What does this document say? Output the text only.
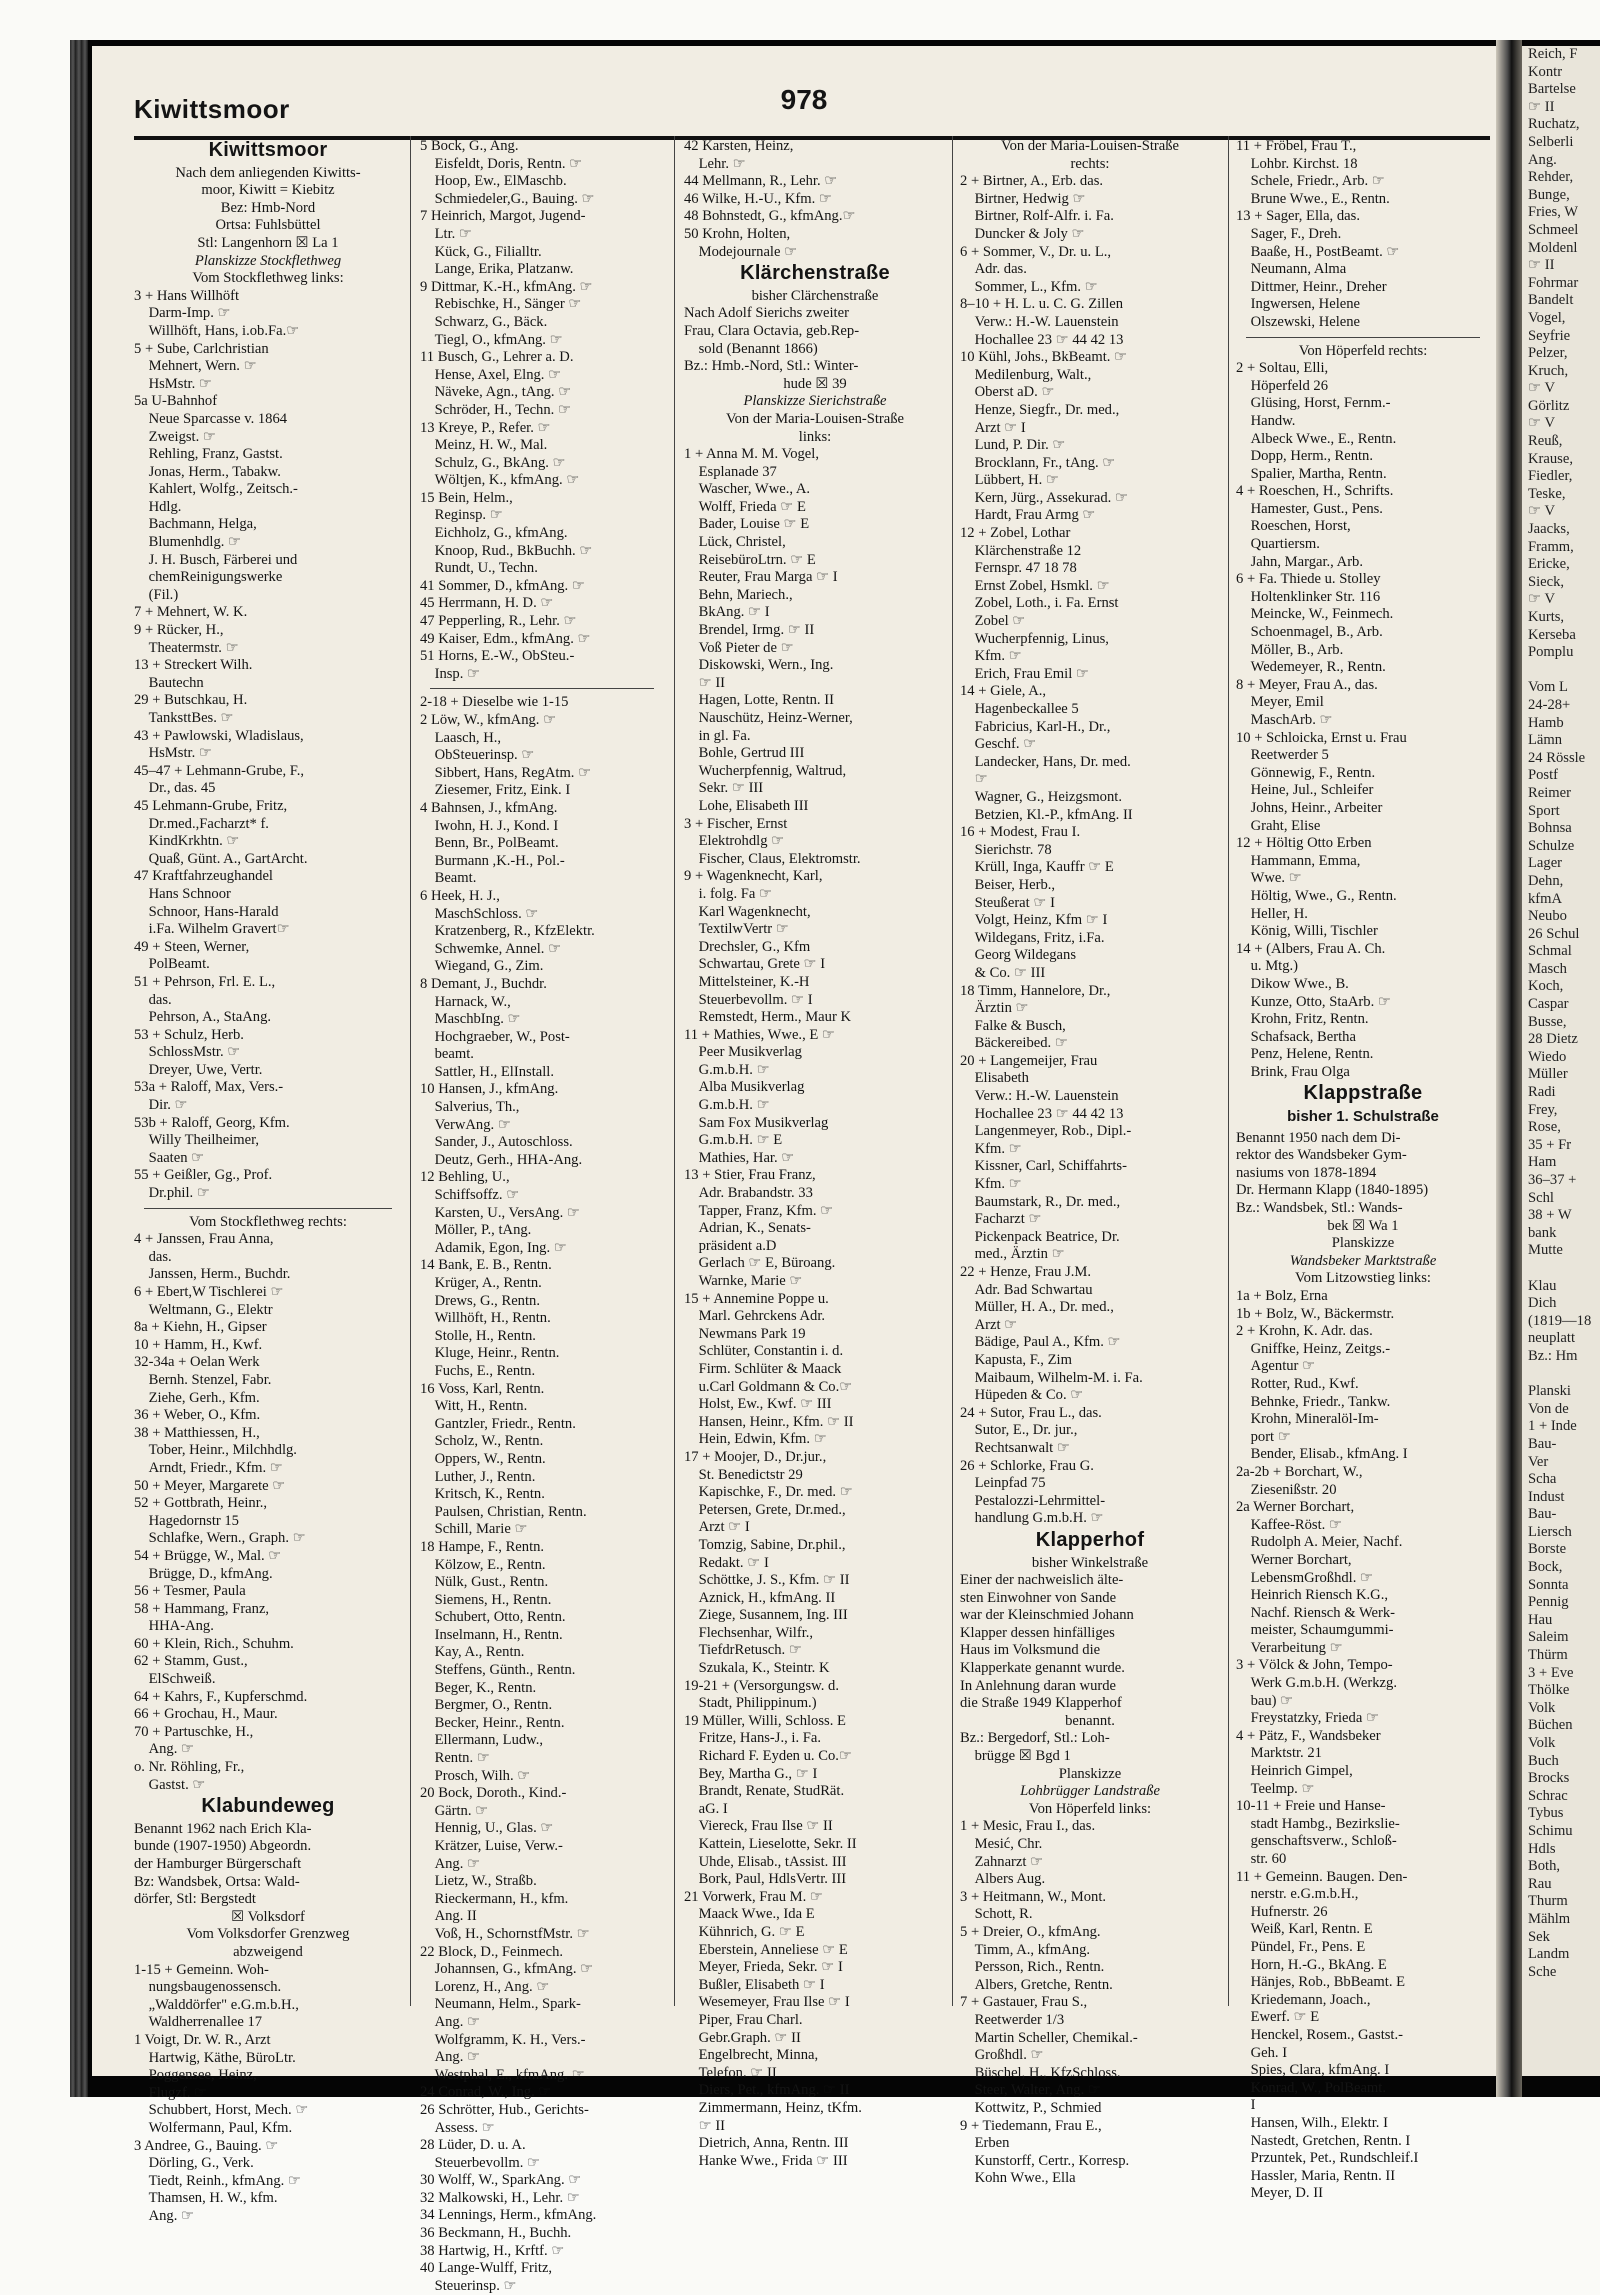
Reich, F
Kontr
Bartelse
☞ II
Ruchatz,
Selberli
Ang.
Rehder,
Bunge,
Fries, W
Schmeel
Moldenl
☞ II
Fohrmar
Bandelt
Vogel,
Seyfrie
Pelzer,
Kruch,
☞ V
Görlitz
☞ V
Reuß,
Krause,
Fiedler,
Teske,
☞ V
Jaacks,
Framm,
Ericke,
Sieck,
☞ V
Kurts,
Kerseba
Pomplu

Vom L
24-28+
Hamb
Lämn
24 Rössle
Postf
Reimer
Sport
Bohnsa
Schulze
Lager
Dehn,
kfmA
Neubo
26 Schul
Schmal
Masch
Koch,
Caspar
Busse,
28 Dietz
Wiedo
Müller
Radi
Frey,
Rose,
35 + Fr
Ham
36–37 +
Schl
38 + W
bank
Mutte

Klau
Dich
(1819—18
neuplatt
Bz.: Hm

Planski
Von de
1 + Inde
Bau-
Ver
Scha
Indust
Bau-
Liersch
Borste
Bock,
Sonnta
Pennig
Hau
Saleim
Thürm
3 + Eve
Thölke
Volk
Büchen
Volk
Buch
Brocks
Schrac
Tybus
Schimu
Hdls
Both,
Rau
Thurm
Mählm
Sek
Landm
Sche
Kiwittsmoor	978
Kiwittsmoor
Nach dem anliegenden Kiwitts-
moor, Kiwitt = Kiebitz
Bez: Hmb-Nord
Ortsa: Fuhlsbüttel
Stl: Langenhorn ☒ La 1
Planskizze Stockflethweg
Vom Stockflethweg links:
3 + Hans Willhöft
Darm-Imp. ☞
Willhöft, Hans, i.ob.Fa.☞
5 + Sube, Carlchristian
Mehnert, Wern. ☞
HsMstr. ☞
5a U-Bahnhof
Neue Sparcasse v. 1864
Zweigst. ☞
Rehling, Franz, Gastst.
Jonas, Herm., Tabakw.
Kahlert, Wolfg., Zeitsch.-
Hdlg.
Bachmann, Helga,
Blumenhdlg. ☞
J. H. Busch, Färberei und
chemReinigungswerke
(Fil.)
7 + Mehnert, W. K.
9 + Rücker, H.,
Theatermstr. ☞
13 + Streckert Wilh.
Bautechn
29 + Butschkau, H.
TanksttBes. ☞
43 + Pawlowski, Wladislaus,
HsMstr. ☞
45–47 + Lehmann-Grube, F.,
Dr., das. 45
45 Lehmann-Grube, Fritz,
Dr.med.,Facharzt* f.
KindKrkhtn. ☞
Quaß, Günt. A., GartArcht.
47 Kraftfahrzeughandel
Hans Schnoor
Schnoor, Hans-Harald
i.Fa. Wilhelm Gravert☞
49 + Steen, Werner,
PolBeamt.
51 + Pehrson, Frl. E. L.,
das.
Pehrson, A., StaAng.
53 + Schulz, Herb.
SchlossMstr. ☞
Dreyer, Uwe, Vertr.
53a + Raloff, Max, Vers.-
Dir. ☞
53b + Raloff, Georg, Kfm.
Willy Theilheimer,
Saaten ☞
55 + Geißler, Gg., Prof.
Dr.phil. ☞
Vom Stockflethweg rechts:
4 + Janssen, Frau Anna,
das.
Janssen, Herm., Buchdr.
6 + Ebert,W Tischlerei ☞
Weltmann, G., Elektr
8a + Kiehn, H., Gipser
10 + Hamm, H., Kwf.
32-34a + Oelan Werk
Bernh. Stenzel, Fabr.
Ziehe, Gerh., Kfm.
36 + Weber, O., Kfm.
38 + Matthiessen, H.,
Tober, Heinr., Milchhdlg.
Arndt, Friedr., Kfm. ☞
50 + Meyer, Margarete ☞
52 + Gottbrath, Heinr.,
Hagedornstr 15
Schlafke, Wern., Graph. ☞
54 + Brügge, W., Mal. ☞
Brügge, D., kfmAng.
56 + Tesmer, Paula
58 + Hammang, Franz,
HHA-Ang.
60 + Klein, Rich., Schuhm.
62 + Stamm, Gust.,
ElSchweiß.
64 + Kahrs, F., Kupferschmd.
66 + Grochau, H., Maur.
70 + Partuschke, H.,
Ang. ☞
o. Nr. Röhling, Fr.,
Gastst. ☞
Klabundeweg
Benannt 1962 nach Erich Kla-
bunde (1907-1950) Abgeordn.
der Hamburger Bürgerschaft
Bz: Wandsbek, Ortsa: Wald-
dörfer, Stl: Bergstedt
☒ Volksdorf
Vom Volksdorfer Grenzweg
abzweigend
1-15 + Gemeinn. Woh-
nungsbaugenossensch.
„Walddörfer" e.G.m.b.H.,
Waldherrenallee 17
1 Voigt, Dr. W. R., Arzt
Hartwig, Käthe, BüroLtr.
Poggensee, Heinz,
Flugzf. ☞
Schubbert, Horst, Mech. ☞
Wolfermann, Paul, Kfm.
3 Andree, G., Bauing. ☞
Dörling, G., Verk.
Tiedt, Reinh., kfmAng. ☞
Thamsen, H. W., kfm.
Ang. ☞
5 Bock, G., Ang.
Eisfeldt, Doris, Rentn. ☞
Hoop, Ew., ElMaschb.
Schmiedeler,G., Bauing. ☞
7 Heinrich, Margot, Jugend-
Ltr. ☞
Kück, G., Filialltr.
Lange, Erika, Platzanw.
9 Dittmar, K.-H., kfmAng. ☞
Rebischke, H., Sänger ☞
Schwarz, G., Bäck.
Tiegl, O., kfmAng. ☞
11 Busch, G., Lehrer a. D.
Hense, Axel, Elng. ☞
Näveke, Agn., tAng. ☞
Schröder, H., Techn. ☞
13 Kreye, P., Refer. ☞
Meinz, H. W., Mal.
Schulz, G., BkAng. ☞
Wöltjen, K., kfmAng. ☞
15 Bein, Helm.,
Reginsp. ☞
Eichholz, G., kfmAng.
Knoop, Rud., BkBuchh. ☞
Rundt, U., Techn.
41 Sommer, D., kfmAng. ☞
45 Herrmann, H. D. ☞
47 Pepperling, R., Lehr. ☞
49 Kaiser, Edm., kfmAng. ☞
51 Horns, E.-W., ObSteu.-
Insp. ☞
2-18 + Dieselbe wie 1-15
2 Löw, W., kfmAng. ☞
Laasch, H.,
ObSteuerinsp. ☞
Sibbert, Hans, RegAtm. ☞
Ziesemer, Fritz, Eink. I
4 Bahnsen, J., kfmAng.
Iwohn, H. J., Kond. I
Benn, Br., PolBeamt.
Burmann ,K.-H., Pol.-
Beamt.
6 Heek, H. J.,
MaschSchloss. ☞
Kratzenberg, R., KfzElektr.
Schwemke, Annel. ☞
Wiegand, G., Zim.
8 Demant, J., Buchdr.
Harnack, W.,
MaschbIng. ☞
Hochgraeber, W., Post-
beamt.
Sattler, H., ElInstall.
10 Hansen, J., kfmAng.
Salverius, Th.,
VerwAng. ☞
Sander, J., Autoschloss.
Deutz, Gerh., HHA-Ang.
12 Behling, U.,
Schiffsoffz. ☞
Karsten, U., VersAng. ☞
Möller, P., tAng.
Adamik, Egon, Ing. ☞
14 Bank, E. B., Rentn.
Krüger, A., Rentn.
Drews, G., Rentn.
Willhöft, H., Rentn.
Stolle, H., Rentn.
Kluge, Heinr., Rentn.
Fuchs, E., Rentn.
16 Voss, Karl, Rentn.
Witt, H., Rentn.
Gantzler, Friedr., Rentn.
Scholz, W., Rentn.
Oppers, W., Rentn.
Luther, J., Rentn.
Kritsch, K., Rentn.
Paulsen, Christian, Rentn.
Schill, Marie ☞
18 Hampe, F., Rentn.
Kölzow, E., Rentn.
Nülk, Gust., Rentn.
Siemens, H., Rentn.
Schubert, Otto, Rentn.
Inselmann, H., Rentn.
Kay, A., Rentn.
Steffens, Günth., Rentn.
Beger, K., Rentn.
Bergmer, O., Rentn.
Becker, Heinr., Rentn.
Ellermann, Ludw.,
Rentn. ☞
Prosch, Wilh. ☞
20 Bock, Doroth., Kind.-
Gärtn. ☞
Hennig, U., Glas. ☞
Krätzer, Luise, Verw.-
Ang. ☞
Lietz, W., Straßb.
Rieckermann, H., kfm.
Ang. II
Voß, H., SchornstfMstr. ☞
22 Block, D., Feinmech.
Johannsen, G., kfmAng. ☞
Lorenz, H., Ang. ☞
Neumann, Helm., Spark-
Ang. ☞
Wolfgramm, K. H., Vers.-
Ang. ☞
Westphal, E., kfmAng. ☞
24 Conrad, W., Ing. ☞
26 Schrötter, Hub., Gerichts-
Assess. ☞
28 Lüder, D. u. A.
Steuerbevollm. ☞
30 Wolff, W., SparkAng. ☞
32 Malkowski, H., Lehr. ☞
34 Lennings, Herm., kfmAng.
36 Beckmann, H., Buchh.
38 Hartwig, H., Krftf. ☞
40 Lange-Wulff, Fritz,
Steuerinsp. ☞
42 Karsten, Heinz,
Lehr. ☞
44 Mellmann, R., Lehr. ☞
46 Wilke, H.-U., Kfm. ☞
48 Bohnstedt, G., kfmAng.☞
50 Krohn, Holten,
Modejournale ☞
Klärchenstraße
bisher Clärchenstraße
Nach Adolf Sierichs zweiter
Frau, Clara Octavia, geb.Rep-
sold (Benannt 1866)
Bz.: Hmb.-Nord, Stl.: Winter-
hude ☒ 39
Planskizze Sierichstraße
Von der Maria-Louisen-Straße
links:
1 + Anna M. M. Vogel,
Esplanade 37
Wascher, Wwe., A.
Wolff, Frieda ☞ E
Bader, Louise ☞ E
Lück, Christel,
ReisebüroLtrn. ☞ E
Reuter, Frau Marga ☞ I
Behn, Mariech.,
BkAng. ☞ I
Brendel, Irmg. ☞ II
Voß Pieter de ☞
Diskowski, Wern., Ing.
☞ II
Hagen, Lotte, Rentn. II
Nauschütz, Heinz-Werner,
in gl. Fa.
Bohle, Gertrud III
Wucherpfennig, Waltrud,
Sekr. ☞ III
Lohe, Elisabeth III
3 + Fischer, Ernst
Elektrohdlg ☞
Fischer, Claus, Elektromstr.
9 + Wagenknecht, Karl,
i. folg. Fa ☞
Karl Wagenknecht,
TextilwVertr ☞
Drechsler, G., Kfm
Schwartau, Grete ☞ I
Mittelsteiner, K.-H
Steuerbevollm. ☞ I
Remstedt, Herm., Maur K
11 + Mathies, Wwe., E ☞
Peer Musikverlag
G.m.b.H. ☞
Alba Musikverlag
G.m.b.H. ☞
Sam Fox Musikverlag
G.m.b.H. ☞ E
Mathies, Har. ☞
13 + Stier, Frau Franz,
Adr. Brabandstr. 33
Tapper, Franz, Kfm. ☞
Adrian, K., Senats-
präsident a.D
Gerlach ☞ E, Büroang.
Warnke, Marie ☞
15 + Annemine Poppe u.
Marl. Gehrckens Adr.
Newmans Park 19
Schlüter, Constantin i. d.
Firm. Schlüter & Maack
u.Carl Goldmann & Co.☞
Holst, Ew., Kwf. ☞ III
Hansen, Heinr., Kfm. ☞ II
Hein, Edwin, Kfm. ☞
17 + Moojer, D., Dr.jur.,
St. Benedictstr 29
Kapischke, F., Dr. med. ☞
Petersen, Grete, Dr.med.,
Arzt ☞ I
Tomzig, Sabine, Dr.phil.,
Redakt. ☞ I
Schöttke, J. S., Kfm. ☞ II
Aznick, H., kfmAng. II
Ziege, Susannem, Ing. III
Flechsenhar, Wilfr.,
TiefdrRetusch. ☞
Szukala, K., Steintr. K
19-21 + (Versorgungsw. d.
Stadt, Philippinum.)
19 Müller, Willi, Schloss. E
Fritze, Hans-J., i. Fa.
Richard F. Eyden u. Co.☞
Bey, Martha G., ☞ I
Brandt, Renate, StudRät.
aG. I
Viereck, Frau Ilse ☞ II
Kattein, Lieselotte, Sekr. II
Uhde, Elisab., tAssist. III
Bork, Paul, HdlsVertr. III
21 Vorwerk, Frau M. ☞
Maack Wwe., Ida E
Kühnrich, G. ☞ E
Eberstein, Anneliese ☞ E
Meyer, Frieda, Sekr. ☞ I
Bußler, Elisabeth ☞ I
Wesemeyer, Frau Ilse ☞ I
Piper, Frau Charl.
Gebr.Graph. ☞ II
Engelbrecht, Minna,
Telefon. ☞ II
Diers, Pet., kfmAng. ☞ II
Zimmermann, Heinz, tKfm.
☞ II
Dietrich, Anna, Rentn. III
Hanke Wwe., Frida ☞ III
Von der Maria-Louisen-Straße
rechts:
2 + Birtner, A., Erb. das.
Birtner, Hedwig ☞
Birtner, Rolf-Alfr. i. Fa.
Duncker & Joly ☞
6 + Sommer, V., Dr. u. L.,
Adr. das.
Sommer, L., Kfm. ☞
8–10 + H. L. u. C. G. Zillen
Verw.: H.-W. Lauenstein
Hochallee 23 ☞ 44 42 13
10 Kühl, Johs., BkBeamt. ☞
Medilenburg, Walt.,
Oberst aD. ☞
Henze, Siegfr., Dr. med.,
Arzt ☞ I
Lund, P. Dir. ☞
Brocklann, Fr., tAng. ☞
Lübbert, H. ☞
Kern, Jürg., Assekurad. ☞
Hardt, Frau Armg ☞
12 + Zobel, Lothar
Klärchenstraße 12
Fernspr. 47 18 78
Ernst Zobel, Hsmkl. ☞
Zobel, Loth., i. Fa. Ernst
Zobel ☞
Wucherpfennig, Linus,
Kfm. ☞
Erich, Frau Emil ☞
14 + Giele, A.,
Hagenbeckallee 5
Fabricius, Karl-H., Dr.,
Geschf. ☞
Landecker, Hans, Dr. med.
☞
Wagner, G., Heizgsmont.
Betzien, Kl.-P., kfmAng. II
16 + Modest, Frau I.
Sierichstr. 78
Krüll, Inga, Kauffr ☞ E
Beiser, Herb.,
Steußerat ☞ I
Volgt, Heinz, Kfm ☞ I
Wildegans, Fritz, i.Fa.
Georg Wildegans
& Co. ☞ III
18 Timm, Hannelore, Dr.,
Ärztin ☞
Falke & Busch,
Bäckereibed. ☞
20 + Langemeijer, Frau
Elisabeth
Verw.: H.-W. Lauenstein
Hochallee 23 ☞ 44 42 13
Langenmeyer, Rob., Dipl.-
Kfm. ☞
Kissner, Carl, Schiffahrts-
Kfm. ☞
Baumstark, R., Dr. med.,
Facharzt ☞
Pickenpack Beatrice, Dr.
med., Ärztin ☞
22 + Henze, Frau J.M.
Adr. Bad Schwartau
Müller, H. A., Dr. med.,
Arzt ☞
Bädige, Paul A., Kfm. ☞
Kapusta, F., Zim
Maibaum, Wilhelm-M. i. Fa.
Hüpeden & Co. ☞
24 + Sutor, Frau L., das.
Sutor, E., Dr. jur.,
Rechtsanwalt ☞
26 + Schlorke, Frau G.
Leinpfad 75
Pestalozzi-Lehrmittel-
handlung G.m.b.H. ☞
Klapperhof
bisher Winkelstraße
Einer der nachweislich älte-
sten Einwohner von Sande
war der Kleinschmied Johann
Klapper dessen hinfälliges
Haus im Volksmund die
Klapperkate genannt wurde.
In Anlehnung daran wurde
die Straße 1949 Klapperhof
benannt.
Bz.: Bergedorf, Stl.: Loh-
brügge ☒ Bgd 1
Planskizze
Lohbrügger Landstraße
Von Höperfeld links:
1 + Mesic, Frau I., das.
Mesić, Chr.
Zahnarzt ☞
Albers Aug.
3 + Heitmann, W., Mont.
Schott, R.
5 + Dreier, O., kfmAng.
Timm, A., kfmAng.
Persson, Rich., Rentn.
Albers, Gretche, Rentn.
7 + Gastauer, Frau S.,
Reetwerder 1/3
Martin Scheller, Chemikal.-
Großhdl. ☞
Büschel, H., KfzSchloss.
Steer, Walter, Ang. ☞
Kottwitz, P., Schmied
9 + Tiedemann, Frau E.,
Erben
Kunstorff, Certr., Korresp.
Kohn Wwe., Ella
11 + Fröbel, Frau T.,
Lohbr. Kirchst. 18
Schele, Friedr., Arb. ☞
Brune Wwe., E., Rentn.
13 + Sager, Ella, das.
Sager, F., Dreh.
Baaße, H., PostBeamt. ☞
Neumann, Alma
Dittmer, Heinr., Dreher
Ingwersen, Helene
Olszewski, Helene
Von Höperfeld rechts:
2 + Soltau, Elli,
Höperfeld 26
Glüsing, Horst, Fernm.-
Handw.
Albeck Wwe., E., Rentn.
Dopp, Herm., Rentn.
Spalier, Martha, Rentn.
4 + Roeschen, H., Schrifts.
Hamester, Gust., Pens.
Roeschen, Horst,
Quartiersm.
Jahn, Margar., Arb.
6 + Fa. Thiede u. Stolley
Holtenklinker Str. 116
Meincke, W., Feinmech.
Schoenmagel, B., Arb.
Möller, B., Arb.
Wedemeyer, R., Rentn.
8 + Meyer, Frau A., das.
Meyer, Emil
MaschArb. ☞
10 + Schloicka, Ernst u. Frau
Reetwerder 5
Gönnewig, F., Rentn.
Heine, Jul., Schleifer
Johns, Heinr., Arbeiter
Graht, Elise
12 + Höltig Otto Erben
Hammann, Emma,
Wwe. ☞
Höltig, Wwe., G., Rentn.
Heller, H.
König, Willi, Tischler
14 + (Albers, Frau A. Ch.
u. Mtg.)
Dikow Wwe., B.
Kunze, Otto, StaArb. ☞
Krohn, Fritz, Rentn.
Schafsack, Bertha
Penz, Helene, Rentn.
Brink, Frau Olga
Klappstraße
bisher 1. Schulstraße
Benannt 1950 nach dem Di-
rektor des Wandsbeker Gym-
nasiums von 1878-1894
Dr. Hermann Klapp (1840-1895)
Bz.: Wandsbek, Stl.: Wands-
bek ☒ Wa 1
Planskizze
Wandsbeker Marktstraße
Vom Litzowstieg links:
1a + Bolz, Erna
1b + Bolz, W., Bäckermstr.
2 + Krohn, K. Adr. das.
Gniffke, Heinz, Zeitgs.-
Agentur ☞
Rotter, Rud., Kwf.
Behnke, Friedr., Tankw.
Krohn, Mineralöl-Im-
port ☞
Bender, Elisab., kfmAng. I
2a-2b + Borchart, W.,
Ziesenißstr. 20
2a Werner Borchart,
Kaffee-Röst. ☞
Rudolph A. Meier, Nachf.
Werner Borchart,
LebensmGroßhdl. ☞
Heinrich Riensch K.G.,
Nachf. Riensch & Werk-
meister, Schaumgummi-
Verarbeitung ☞
3 + Völck & John, Tempo-
Werk G.m.b.H. (Werkzg.
bau) ☞
Freystatzky, Frieda ☞
4 + Pätz, F., Wandsbeker
Marktstr. 21
Heinrich Gimpel,
Teelmp. ☞
10-11 + Freie und Hanse-
stadt Hambg., Bezirkslie-
genschaftsverw., Schloß-
str. 60
11 + Gemeinn. Baugen. Den-
nerstr. e.G.m.b.H.,
Hufnerstr. 26
Weiß, Karl, Rentn. E
Pündel, Fr., Pens. E
Horn, H.-G., BkAng. E
Hänjes, Rob., BbBeamt. E
Kriedemann, Joach.,
Ewerf. ☞ E
Henckel, Rosem., Gastst.-
Geh. I
Spies, Clara, kfmAng. I
Konrad, W., PolBeamt.
I
Hansen, Wilh., Elektr. I
Nastedt, Gretchen, Rentn. I
Przuntek, Pet., Rundschleif.I
Hassler, Maria, Rentn. II
Meyer, D. II
